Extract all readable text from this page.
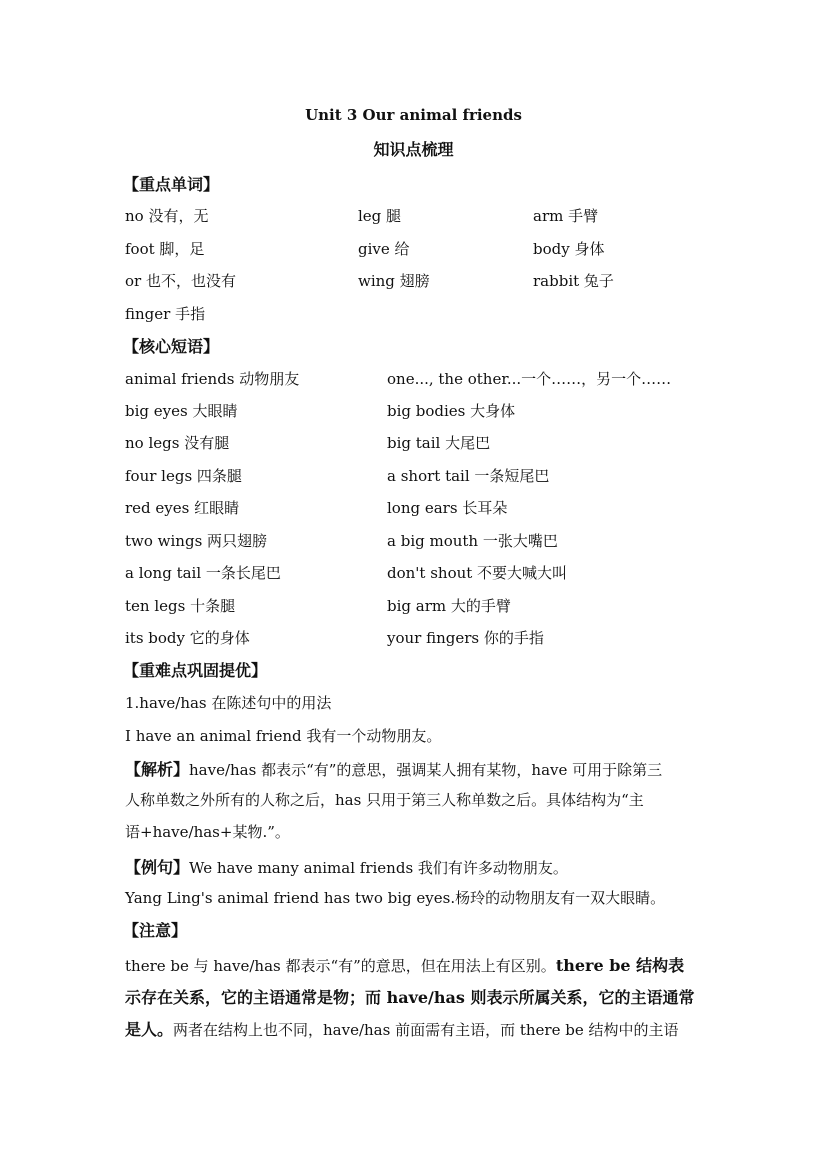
Unit 3 Our animal friends
知识点梳理
【重点单词】
no 没有，无	leg 腿	arm 手臂
foot 脚，足	give 给	body 身体
or 也不，也没有	wing 翅膀	rabbit 兔子
finger 手指
【核心短语】
animal friends 动物朋友	one..., the other...一个……，另一个……
big eyes 大眼睛	big bodies 大身体
no legs 没有腿	big tail 大尾巴
four legs 四条腿	a short tail 一条短尾巴
red eyes 红眼睛	long ears 长耳朵
two wings 两只翅膀	a big mouth 一张大嘴巴
a long tail 一条长尾巴	don't shout 不要大喊大叫
ten legs 十条腿	big arm 大的手臂
its body 它的身体	your fingers 你的手指
【重难点巩固提优】
1.have/has 在陈述句中的用法
I have an animal friend 我有一个动物朋友。
【解析】have/has 都表示“有”的意思，强调某人拥有某物，have 可用于除第三
人称单数之外所有的人称之后，has 只用于第三人称单数之后。具体结构为“主
语+have/has+某物.”。
【例句】We have many animal friends 我们有许多动物朋友。
Yang Ling's animal friend has two big eyes.杨玲的动物朋友有一双大眼睛。
【注意】
there be 与 have/has 都表示“有”的意思，但在用法上有区别。there be 结构表
示存在关系，它的主语通常是物；而 have/has 则表示所属关系，它的主语通常
是人。两者在结构上也不同，have/has 前面需有主语，而 there be 结构中的主语
